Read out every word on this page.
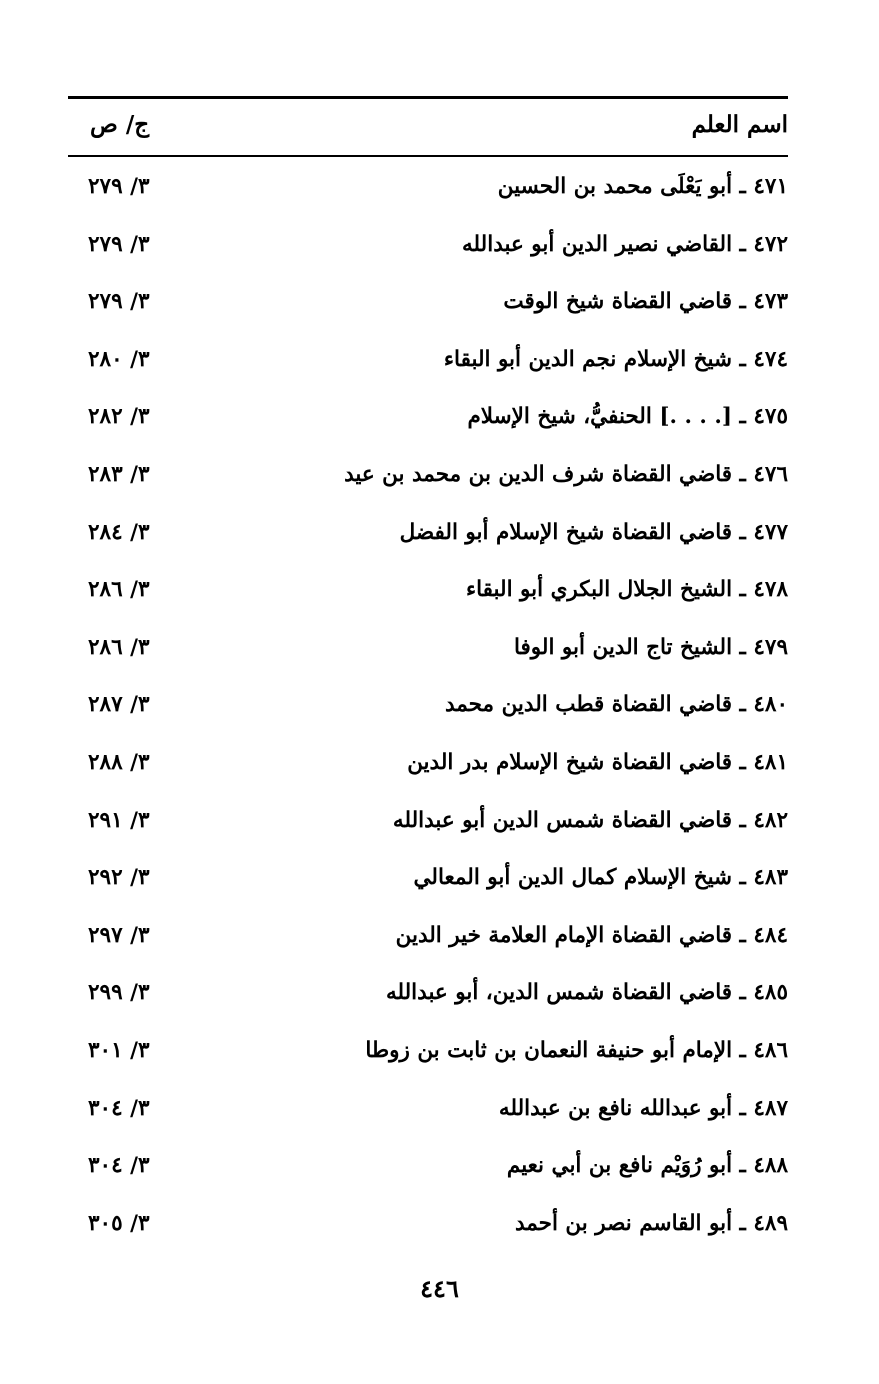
اسم العلم
ج/ ص
٤٧١ ـ أبو يَعْلَى محمد بن الحسين
٣/ ٢٧٩
٤٧٢ ـ القاضي نصير الدين أبو عبدالله
٣/ ٢٧٩
٤٧٣ ـ قاضي القضاة شيخ الوقت
٣/ ٢٧٩
٤٧٤ ـ شيخ الإسلام نجم الدين أبو البقاء
٣/ ٢٨٠
٤٧٥ ـ [. . . .] الحنفيُّ، شيخ الإسلام
٣/ ٢٨٢
٤٧٦ ـ قاضي القضاة شرف الدين بن محمد بن عيد
٣/ ٢٨٣
٤٧٧ ـ قاضي القضاة شيخ الإسلام أبو الفضل
٣/ ٢٨٤
٤٧٨ ـ الشيخ الجلال البكري أبو البقاء
٣/ ٢٨٦
٤٧٩ ـ الشيخ تاج الدين أبو الوفا
٣/ ٢٨٦
٤٨٠ ـ قاضي القضاة قطب الدين محمد
٣/ ٢٨٧
٤٨١ ـ قاضي القضاة شيخ الإسلام بدر الدين
٣/ ٢٨٨
٤٨٢ ـ قاضي القضاة شمس الدين أبو عبدالله
٣/ ٢٩١
٤٨٣ ـ شيخ الإسلام كمال الدين أبو المعالي
٣/ ٢٩٢
٤٨٤ ـ قاضي القضاة الإمام العلامة خير الدين
٣/ ٢٩٧
٤٨٥ ـ قاضي القضاة شمس الدين، أبو عبدالله
٣/ ٢٩٩
٤٨٦ ـ الإمام أبو حنيفة النعمان بن ثابت بن زوطا
٣/ ٣٠١
٤٨٧ ـ أبو عبدالله نافع بن عبدالله
٣/ ٣٠٤
٤٨٨ ـ أبو رُوَيْم نافع بن أبي نعيم
٣/ ٣٠٤
٤٨٩ ـ أبو القاسم نصر بن أحمد
٣/ ٣٠٥
٤٤٦
